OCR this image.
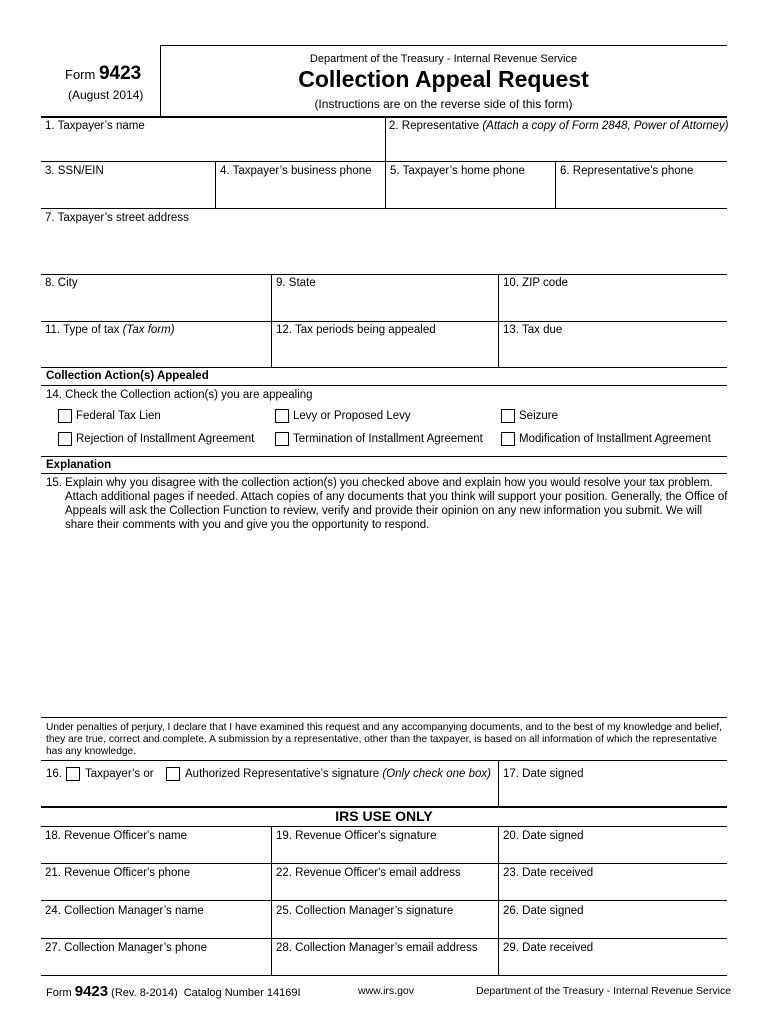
Form 9423
(August 2014)
Department of the Treasury - Internal Revenue Service
Collection Appeal Request
(Instructions are on the reverse side of this form)
1. Taxpayer’s name	2. Representative (Attach a copy of Form 2848, Power of Attorney)
3. SSN/EIN	4. Taxpayer’s business phone 5. Taxpayer’s home phone	6. Representative’s phone
7. Taxpayer’s street address
8. City	9. State	10. ZIP code
11. Type of tax (Tax form)	12. Tax periods being appealed	13. Tax due
Collection Action(s) Appealed
14. Check the Collection action(s) you are appealing
Federal Tax Lien	Levy or Proposed Levy	Seizure
Rejection of Installment Agreement	Termination of Installment Agreement	Modification of Installment Agreement
Explanation
15. Explain why you disagree with the collection action(s) you checked above and explain how you would resolve your tax problem.
Attach additional pages if needed. Attach copies of any documents that you think will support your position. Generally, the Office of
Appeals will ask the Collection Function to review, verify and provide their opinion on any new information you submit. We will
share their comments with you and give you the opportunity to respond.
Under penalties of perjury, I declare that I have examined this request and any accompanying documents, and to the best of my knowledge and belief,
they are true, correct and complete. A submission by a representative, other than the taxpayer, is based on all information of which the representative
has any knowledge.
16. Taxpayer’s or	Authorized Representative’s signature (Only check one box) 17. Date signed
IRS USE ONLY
18. Revenue Officer's name	19. Revenue Officer's signature	20. Date signed
21. Revenue Officer's phone	22. Revenue Officer's email address	23. Date received
24. Collection Manager’s name	25. Collection Manager’s signature	26. Date signed
27. Collection Manager’s phone	28. Collection Manager’s email address 29. Date received
Form 9423 (Rev. 8-2014) Catalog Number 14169I	www.irs.gov	Department of the Treasury - Internal Revenue Service
